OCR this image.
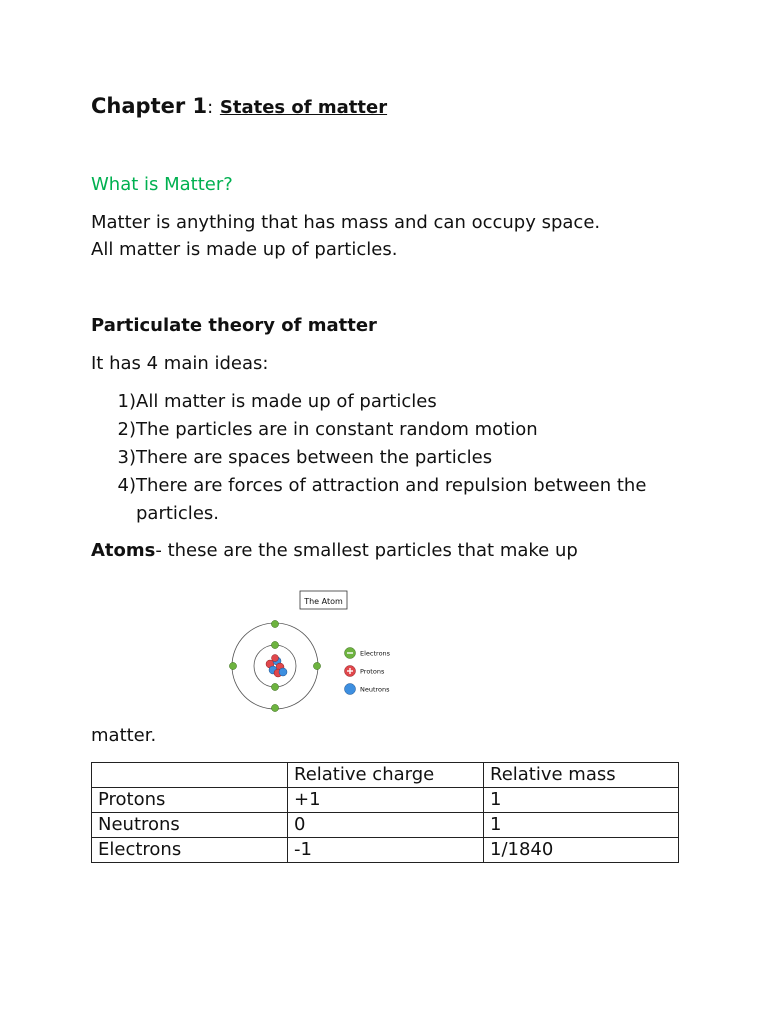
Chapter 1: States of matter
What is Matter?
Matter is anything that has mass and can occupy space.
All matter is made up of particles.
Particulate theory of matter
It has 4 main ideas:
1) All matter is made up of particles
2) The particles are in constant random motion
3) There are spaces between the particles
4) There are forces of attraction and repulsion between the particles.
Atoms- these are the smallest particles that make up
The Atom
Electrons
Protons
Neutrons
matter.
	Relative charge	Relative mass
Protons	+1	1
Neutrons	0	1
Electrons	-1	1/1840
